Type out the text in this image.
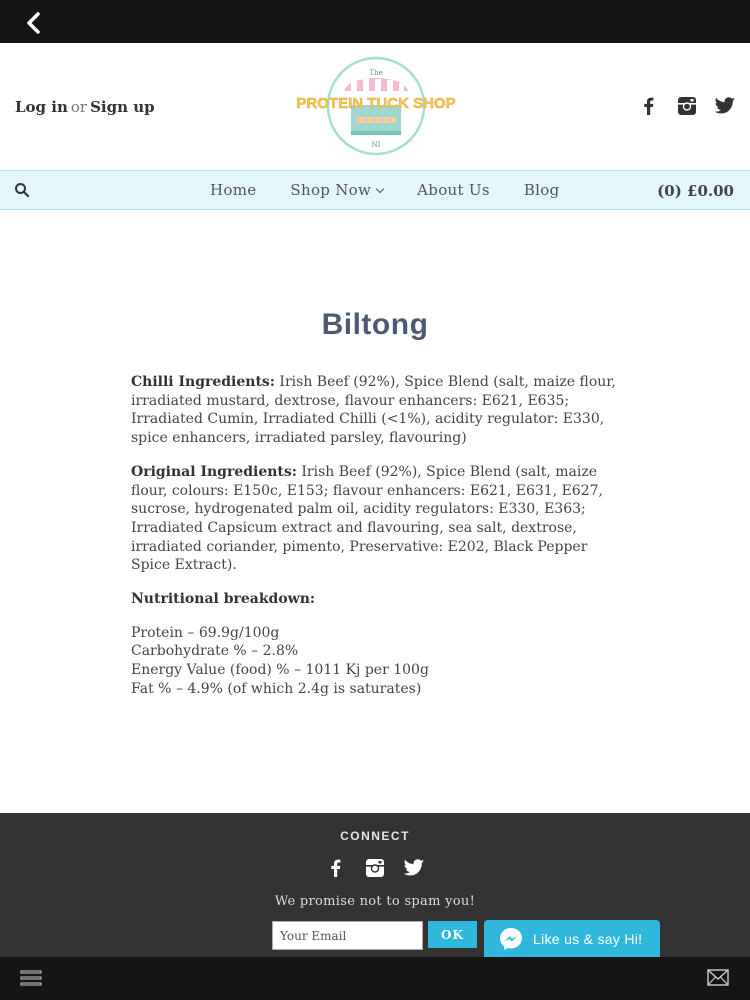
Log in or Sign up
The
PROTEIN TUCK SHOP
NI
Home Shop Now	About Us Blog	(0) £0.00
Biltong

Chilli Ingredients: Irish Beef (92%), Spice Blend (salt, maize flour, irradiated mustard, dextrose, flavour enhancers: E621, E635; Irradiated Cumin, Irradiated Chilli (<1%), acidity regulator: E330, spice enhancers, irradiated parsley, flavouring)

Original Ingredients: Irish Beef (92%), Spice Blend (salt, maize flour, colours: E150c, E153; flavour enhancers: E621, E631, E627, sucrose, hydrogenated palm oil, acidity regulators: E330, E363; Irradiated Capsicum extract and flavouring, sea salt, dextrose, irradiated coriander, pimento, Preservative: E202, Black Pepper Spice Extract).

Nutritional breakdown:

Protein – 69.9g/100g
Carbohydrate % – 2.8%
Energy Value (food) % – 1011 Kj per 100g
Fat % – 4.9% (of which 2.4g is saturates)
CONNECT
We promise not to spam you!
Your Email
OK	Like us & say Hi!
